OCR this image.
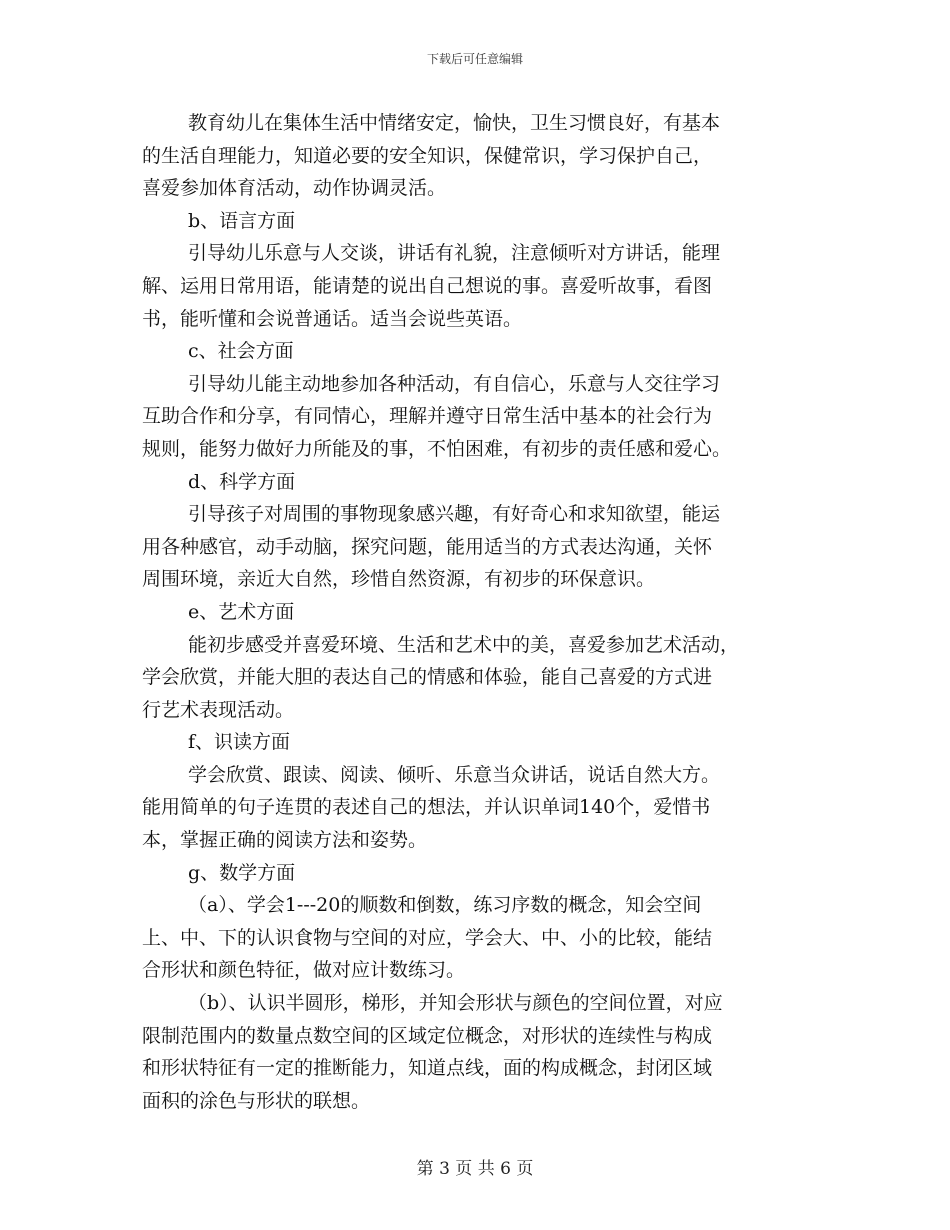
下载后可任意编辑
教育幼儿在集体生活中情绪安定，愉快，卫生习惯良好，有基本
的生活自理能力，知道必要的安全知识，保健常识，学习保护自己，
喜爱参加体育活动，动作协调灵活。
b、语言方面
引导幼儿乐意与人交谈，讲话有礼貌，注意倾听对方讲话，能理
解、运用日常用语，能请楚的说出自己想说的事。喜爱听故事，看图
书，能听懂和会说普通话。适当会说些英语。
c、社会方面
引导幼儿能主动地参加各种活动，有自信心，乐意与人交往学习
互助合作和分享，有同情心，理解并遵守日常生活中基本的社会行为
规则，能努力做好力所能及的事，不怕困难，有初步的责任感和爱心。
d、科学方面
引导孩子对周围的事物现象感兴趣，有好奇心和求知欲望，能运
用各种感官，动手动脑，探究问题，能用适当的方式表达沟通，关怀
周围环境，亲近大自然，珍惜自然资源，有初步的环保意识。
e、艺术方面
能初步感受并喜爱环境、生活和艺术中的美，喜爱参加艺术活动，
学会欣赏，并能大胆的表达自己的情感和体验，能自己喜爱的方式进
行艺术表现活动。
f、识读方面
学会欣赏、跟读、阅读、倾听、乐意当众讲话，说话自然大方。
能用简单的句子连贯的表述自己的想法，并认识单词140个，爱惜书
本，掌握正确的阅读方法和姿势。
g、数学方面
（a）、学会1---20的顺数和倒数，练习序数的概念，知会空间
上、中、下的认识食物与空间的对应，学会大、中、小的比较，能结
合形状和颜色特征，做对应计数练习。
（b）、认识半圆形，梯形，并知会形状与颜色的空间位置，对应
限制范围内的数量点数空间的区域定位概念，对形状的连续性与构成
和形状特征有一定的推断能力，知道点线，面的构成概念，封闭区域
面积的涂色与形状的联想。
第 3 页 共 6 页
